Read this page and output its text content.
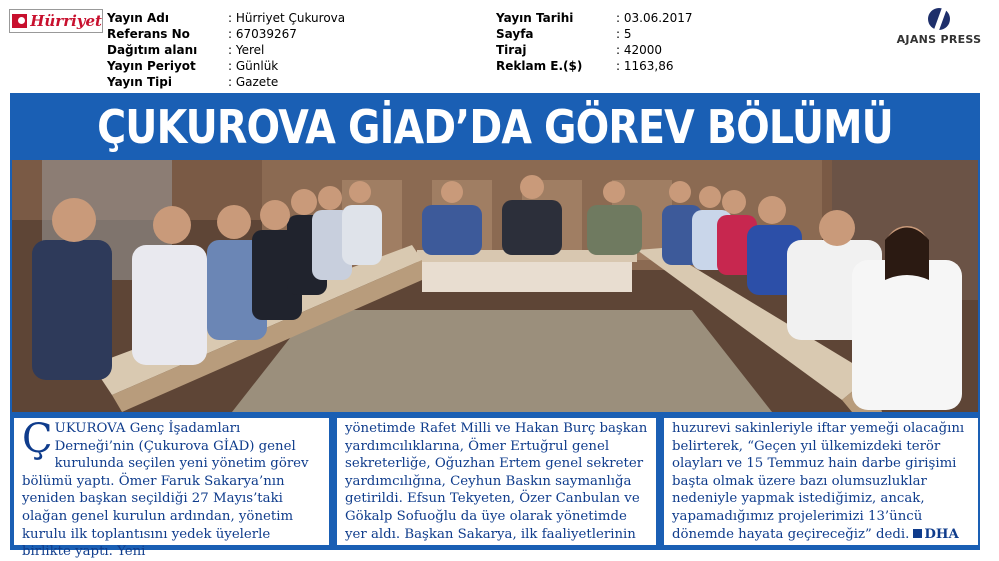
Hürriyet Yayın Adı	: Hürriyet Çukurova
Referans No	: 67039267
Dağıtım alanı	: Yerel
Yayın Periyot	: Günlük
Yayın Tipi	: Gazete
Yayın Tarihi	: 03.06.2017
Sayfa	: 5
Tiraj	: 42000
Reklam E.($)	: 1163,86
AJANS PRESS
ÇUKUROVA GİAD’DA GÖREV BÖLÜMÜ
ÇUKUROVA Genç İşadamları Derneği’nin (Çukurova GİAD) genel kurulunda seçilen yeni yönetim görev bölümü yaptı. Ömer Faruk Sakarya’nın yeniden başkan seçildiği 27 Mayıs’taki olağan genel kurulun ardından, yönetim kurulu ilk toplantısını yedek üyelerle birlikte yaptı. Yeni
yönetimde Rafet Milli ve Hakan Burç başkan yardımcılıklarına, Ömer Ertuğrul genel sekreterliğe, Oğuzhan Ertem genel sekreter yardımcılığına, Ceyhun Baskın saymanlığa getirildi. Efsun Tekyeten, Özer Canbulan ve Gökalp Sofuoğlu da üye olarak yönetimde yer aldı. Başkan Sakarya, ilk faaliyetlerinin
huzurevi sakinleriyle iftar yemeği olacağını belirterek, “Geçen yıl ülkemizdeki terör olayları ve 15 Temmuz hain darbe girişimi başta olmak üzere bazı olumsuzluklar nedeniyle yapmak istediğimiz, ancak, yapamadığımız projelerimizi 13’üncü dönemde hayata geçireceğiz” dedi. DHA
